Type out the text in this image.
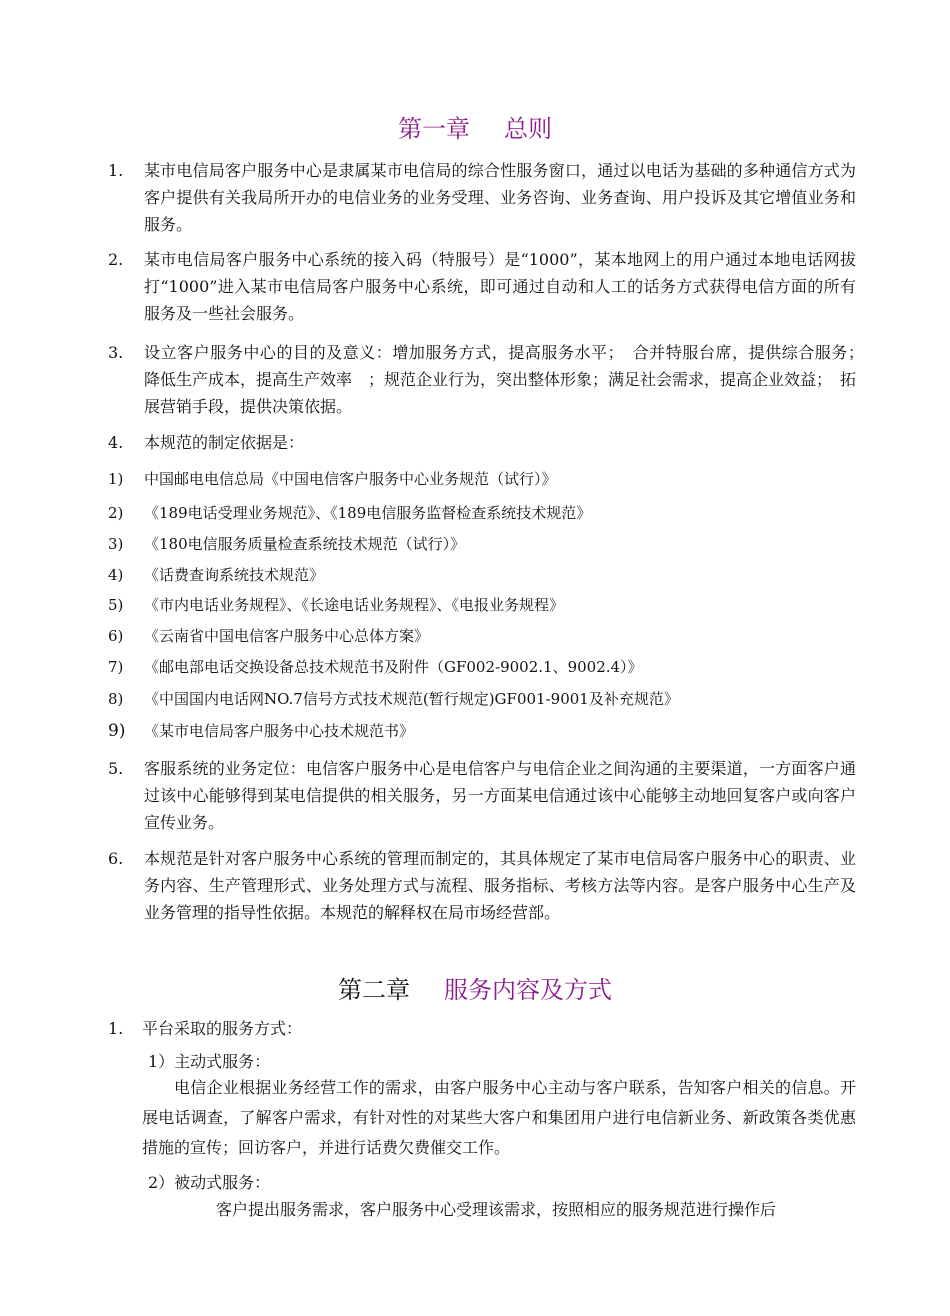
第一章 总则
1. 某市电信局客户服务中心是隶属某市电信局的综合性服务窗口，通过以电话为基础的多种通信方式为客户提供有关我局所开办的电信业务的业务受理、业务咨询、业务查询、用户投诉及其它增值业务和服务。
2. 某市电信局客户服务中心系统的接入码（特服号）是“1000”，某本地网上的用户通过本地电话网拔打“1000”进入某市电信局客户服务中心系统，即可通过自动和人工的话务方式获得电信方面的所有服务及一些社会服务。
3. 设立客户服务中心的目的及意义：增加服务方式，提高服务水平；　合并特服台席，提供综合服务；　降低生产成本，提高生产效率　；规范企业行为，突出整体形象；满足社会需求，提高企业效益；　拓展营销手段，提供决策依据。
4. 本规范的制定依据是：
1) 中国邮电电信总局《中国电信客户服务中心业务规范（试行）》
2) 《189电话受理业务规范》、《189电信服务监督检查系统技术规范》
3) 《180电信服务质量检查系统技术规范（试行）》
4) 《话费查询系统技术规范》
5) 《市内电话业务规程》、《长途电话业务规程》、《电报业务规程》
6) 《云南省中国电信客户服务中心总体方案》
7) 《邮电部电话交换设备总技术规范书及附件（GF002-9002.1、9002.4）》
8) 《中国国内电话网NO.7信号方式技术规范(暂行规定)GF001-9001及补充规范》
9) 《某市电信局客户服务中心技术规范书》
5. 客服系统的业务定位：电信客户服务中心是电信客户与电信企业之间沟通的主要渠道，一方面客户通过该中心能够得到某电信提供的相关服务，另一方面某电信通过该中心能够主动地回复客户或向客户宣传业务。
6. 本规范是针对客户服务中心系统的管理而制定的，其具体规定了某市电信局客户服务中心的职责、业务内容、生产管理形式、业务处理方式与流程、服务指标、考核方法等内容。是客户服务中心生产及业务管理的指导性依据。本规范的解释权在局市场经营部。
第二章 服务内容及方式
1. 平台采取的服务方式：
1）主动式服务：
电信企业根据业务经营工作的需求，由客户服务中心主动与客户联系，告知客户相关的信息。开展电话调查，了解客户需求，有针对性的对某些大客户和集团用户进行电信新业务、新政策各类优惠措施的宣传；回访客户，并进行话费欠费催交工作。
2）被动式服务：
客户提出服务需求，客户服务中心受理该需求，按照相应的服务规范进行操作后
